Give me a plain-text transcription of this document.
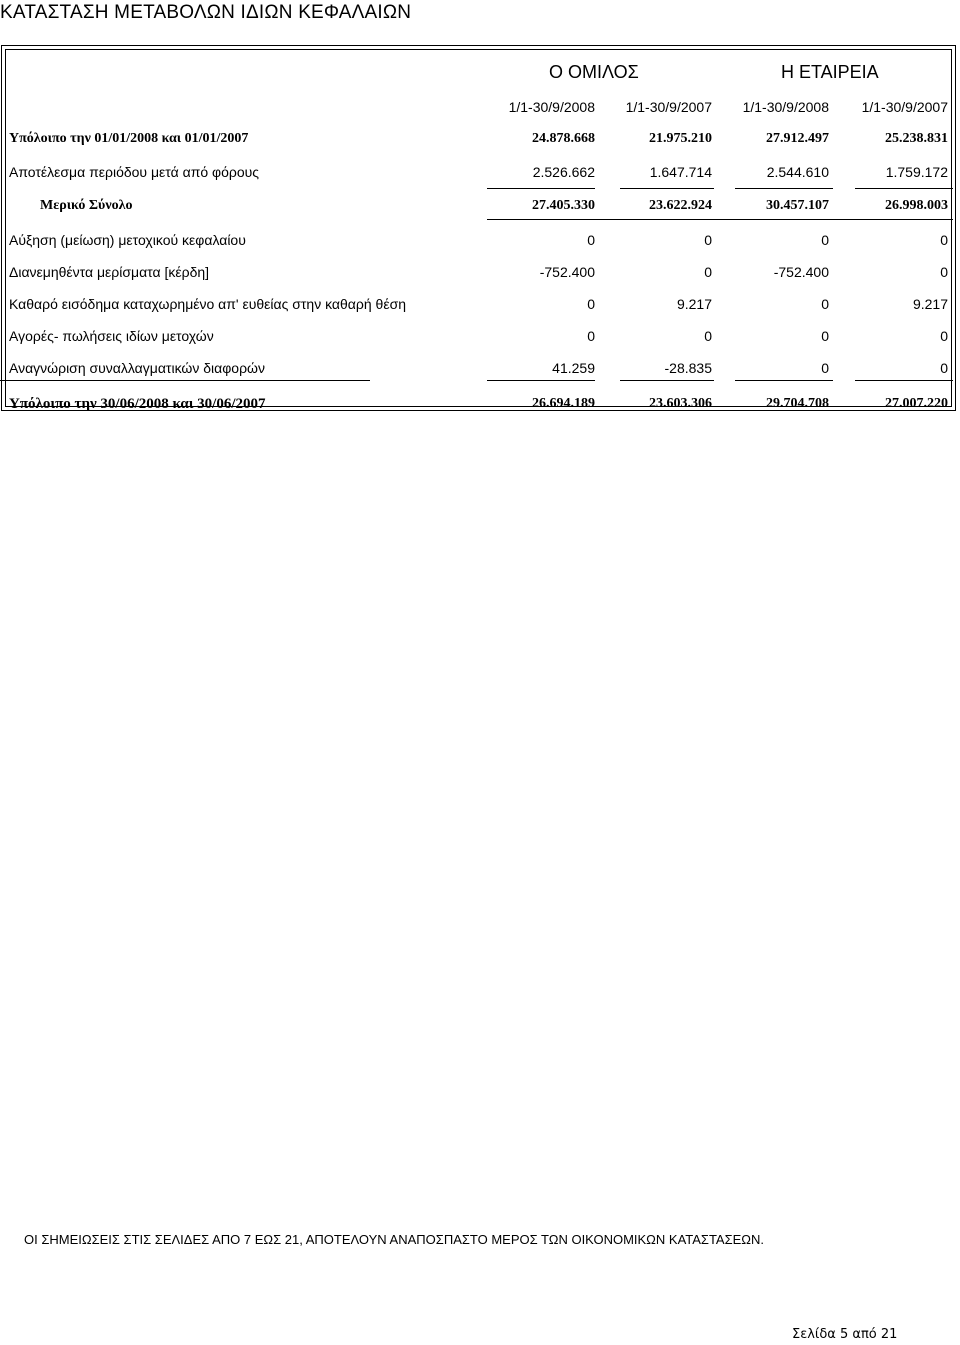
ΚΑΤΑΣΤΑΣΗ ΜΕΤΑΒΟΛΩΝ ΙΔΙΩΝ ΚΕΦΑΛΑΙΩΝ
Ο ΟΜΙΛΟΣ	Η ΕΤΑΙΡΕΙΑ
1/1-30/9/2008	1/1-30/9/2007	1/1-30/9/2008	1/1-30/9/2007
Υπόλοιπο την 01/01/2008 και 01/01/2007	24.878.668	21.975.210	27.912.497	25.238.831
Αποτέλεσμα περιόδου μετά από φόρους	2.526.662	1.647.714	2.544.610	1.759.172
Μερικό Σύνολο	27.405.330	23.622.924	30.457.107	26.998.003
Αύξηση (μείωση) μετοχικού κεφαλαίου	0	0	0	0
Διανεμηθέντα μερίσματα [κέρδη]	-752.400	0	-752.400	0
Καθαρό εισόδημα καταχωρημένο απ' ευθείας στην καθαρή θέση	0	9.217	0	9.217
Αγορές- πωλήσεις ιδίων μετοχών	0	0	0	0
Αναγνώριση συναλλαγματικών διαφορών	41.259	-28.835	0	0
Υπόλοιπο την 30/06/2008 και 30/06/2007	26.694.189	23.603.306	29.704.708	27.007.220
ΟΙ ΣΗΜΕΙΩΣΕΙΣ ΣΤΙΣ ΣΕΛΙΔΕΣ ΑΠΟ 7 ΕΩΣ 21, ΑΠΟΤΕΛΟΥΝ ΑΝΑΠΟΣΠΑΣΤΟ ΜΕΡΟΣ ΤΩΝ ΟΙΚΟΝΟΜΙΚΩΝ ΚΑΤΑΣΤΑΣΕΩΝ.
Σελίδα 5 από 21
